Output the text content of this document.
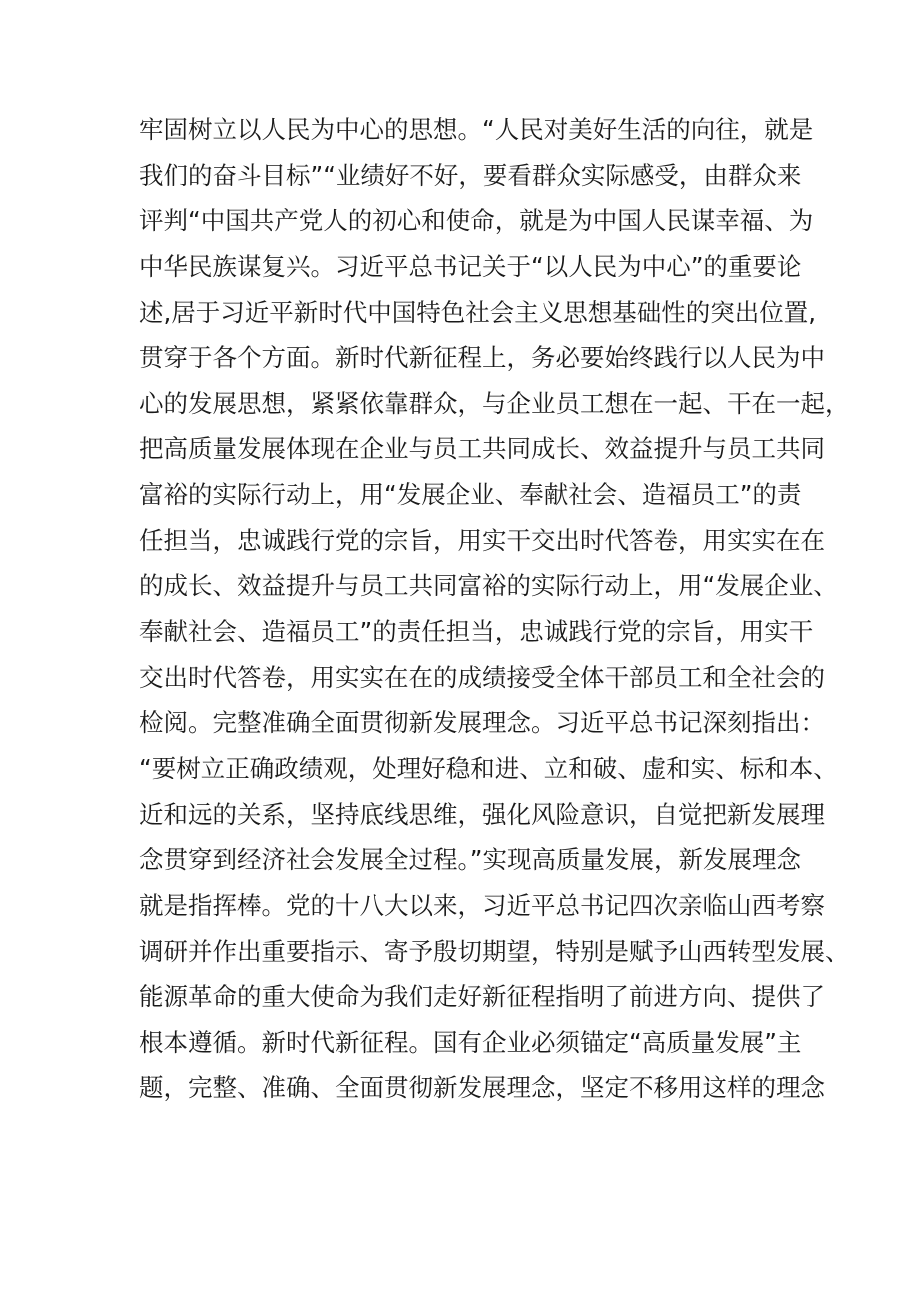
牢固树立以人民为中心的思想。“人民对美好生活的向往，就是
我们的奋斗目标”“业绩好不好，要看群众实际感受，由群众来
评判“中国共产党人的初心和使命，就是为中国人民谋幸福、为
中华民族谋复兴。习近平总书记关于“以人民为中心”的重要论
述,居于习近平新时代中国特色社会主义思想基础性的突出位置,
贯穿于各个方面。新时代新征程上，务必要始终践行以人民为中
心的发展思想，紧紧依靠群众，与企业员工想在一起、干在一起，
把高质量发展体现在企业与员工共同成长、效益提升与员工共同
富裕的实际行动上，用“发展企业、奉献社会、造福员工”的责
任担当，忠诚践行党的宗旨，用实干交出时代答卷，用实实在在
的成长、效益提升与员工共同富裕的实际行动上，用“发展企业、
奉献社会、造福员工”的责任担当，忠诚践行党的宗旨，用实干
交出时代答卷，用实实在在的成绩接受全体干部员工和全社会的
检阅。完整准确全面贯彻新发展理念。习近平总书记深刻指出：
“要树立正确政绩观，处理好稳和进、立和破、虚和实、标和本、
近和远的关系，坚持底线思维，强化风险意识，自觉把新发展理
念贯穿到经济社会发展全过程。”实现高质量发展，新发展理念
就是指挥棒。党的十八大以来，习近平总书记四次亲临山西考察
调研并作出重要指示、寄予殷切期望，特别是赋予山西转型发展、
能源革命的重大使命为我们走好新征程指明了前进方向、提供了
根本遵循。新时代新征程。国有企业必须锚定“高质量发展”主
题，完整、准确、全面贯彻新发展理念，坚定不移用这样的理念
